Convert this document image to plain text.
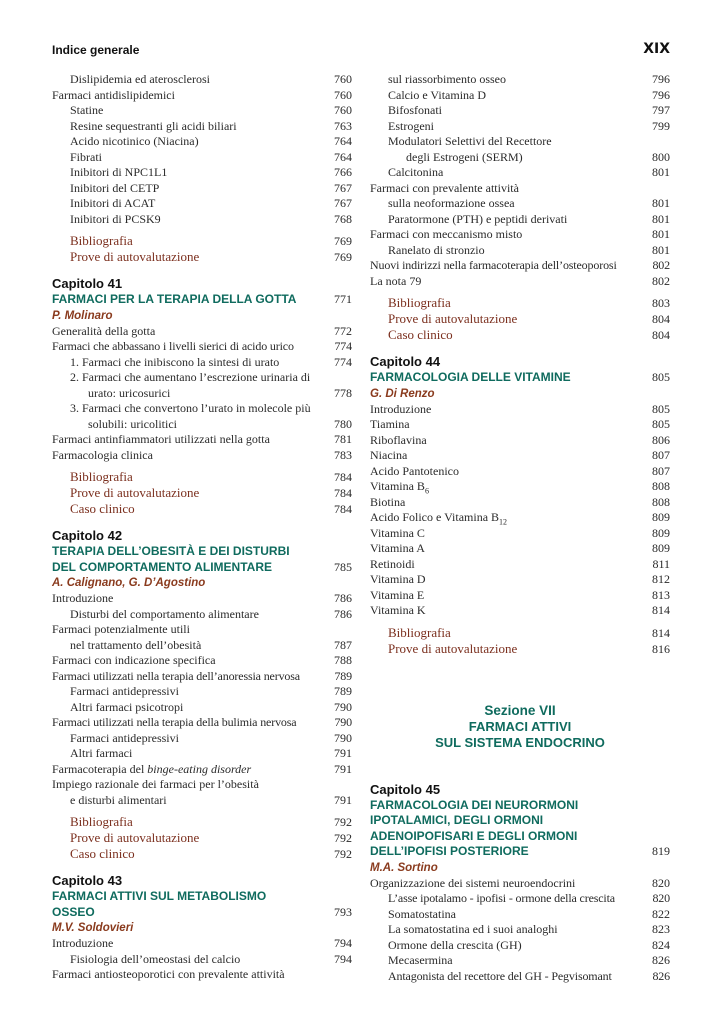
Indice generale	XIX
Dislipidemia ed aterosclerosi	760
Farmaci antidislipidemici	760
Statine	760
Resine sequestranti gli acidi biliari	763
Acido nicotinico (Niacina)	764
Fibrati	764
Inibitori di NPC1L1	766
Inibitori del CETP	767
Inibitori di ACAT	767
Inibitori di PCSK9	768
Bibliografia	769
Prove di autovalutazione	769
Capitolo 41
FARMACI PER LA TERAPIA DELLA GOTTA	771
P. Molinaro
Generalità della gotta	772
Farmaci che abbassano i livelli sierici di acido urico	774
1. Farmaci che inibiscono la sintesi di urato	774
2. Farmaci che aumentano l’escrezione urinaria di
urato: uricosurici	778
3. Farmaci che convertono l’urato in molecole più
solubili: uricolitici	780
Farmaci antinfiammatori utilizzati nella gotta	781
Farmacologia clinica	783
Bibliografia	784
Prove di autovalutazione	784
Caso clinico	784
Capitolo 42
TERAPIA DELL’OBESITÀ E DEI DISTURBI
DEL COMPORTAMENTO ALIMENTARE	785
A. Calignano, G. D’Agostino
Introduzione	786
Disturbi del comportamento alimentare	786
Farmaci potenzialmente utili
nel trattamento dell’obesità	787
Farmaci con indicazione specifica	788
Farmaci utilizzati nella terapia dell’anoressia nervosa	789
Farmaci antidepressivi	789
Altri farmaci psicotropi	790
Farmaci utilizzati nella terapia della bulimia nervosa	790
Farmaci antidepressivi	790
Altri farmaci	791
Farmacoterapia del binge-eating disorder	791
Impiego razionale dei farmaci per l’obesità
e disturbi alimentari	791
Bibliografia	792
Prove di autovalutazione	792
Caso clinico	792
Capitolo 43
FARMACI ATTIVI SUL METABOLISMO
OSSEO	793
M.V. Soldovieri
Introduzione	794
Fisiologia dell’omeostasi del calcio	794
Farmaci antiosteoporotici con prevalente attività
sul riassorbimento osseo	796
Calcio e Vitamina D	796
Bifosfonati	797
Estrogeni	799
Modulatori Selettivi del Recettore
degli Estrogeni (SERM)	800
Calcitonina	801
Farmaci con prevalente attività
sulla neoformazione ossea	801
Paratormone (PTH) e peptidi derivati	801
Farmaci con meccanismo misto	801
Ranelato di stronzio	801
Nuovi indirizzi nella farmacoterapia dell’osteoporosi	802
La nota 79	802
Bibliografia	803
Prove di autovalutazione	804
Caso clinico	804
Capitolo 44
FARMACOLOGIA DELLE VITAMINE	805
G. Di Renzo
Introduzione	805
Tiamina	805
Riboflavina	806
Niacina	807
Acido Pantotenico	807
Vitamina $B_6$	808
Biotina	808
Acido Folico e Vitamina $B_{12}$	809
Vitamina C	809
Vitamina A	809
Retinoidi	811
Vitamina D	812
Vitamina E	813
Vitamina K	814
Bibliografia	814
Prove di autovalutazione	816
Sezione VII
FARMACI ATTIVI
SUL SISTEMA ENDOCRINO
Capitolo 45
FARMACOLOGIA DEI NEURORMONI
IPOTALAMICI, DEGLI ORMONI
ADENOIPOFISARI E DEGLI ORMONI
DELL’IPOFISI POSTERIORE	819
M.A. Sortino
Organizzazione dei sistemi neuroendocrini	820
L’asse ipotalamo - ipofisi - ormone della crescita	820
Somatostatina	822
La somatostatina ed i suoi analoghi	823
Ormone della crescita (GH)	824
Mecasermina	826
Antagonista del recettore del GH - Pegvisomant	826
